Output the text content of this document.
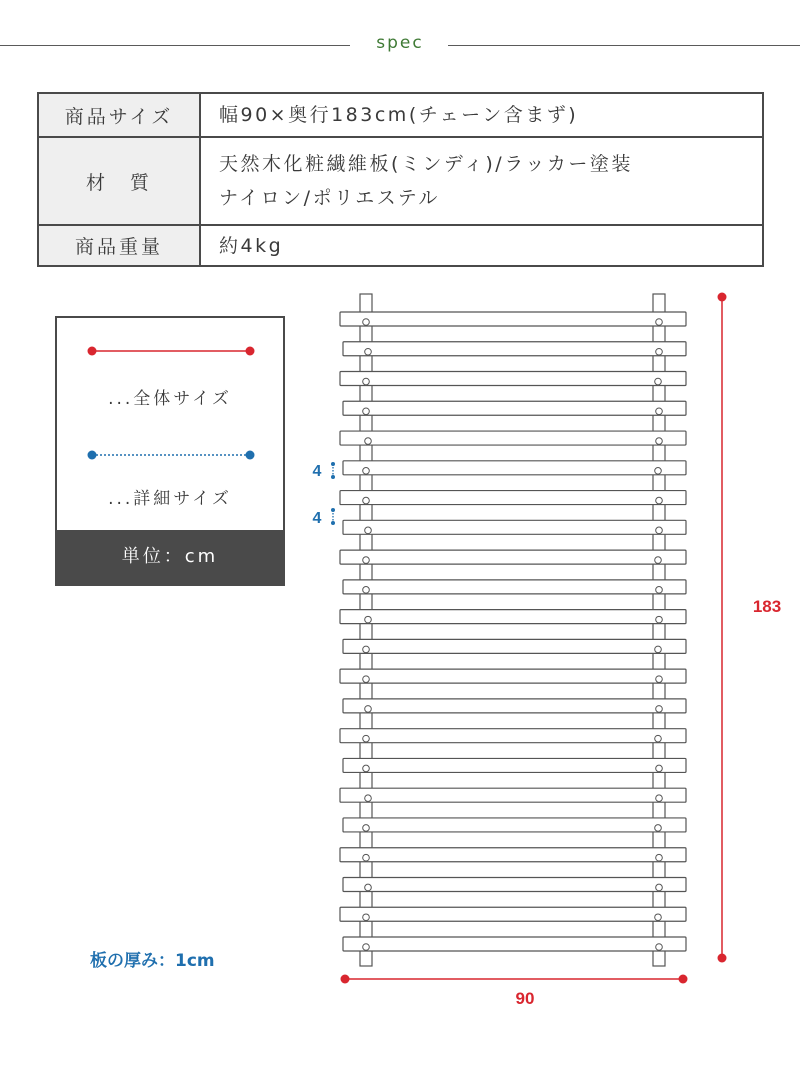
spec
商品サイズ	幅90×奥行183cm(チェーン含まず)
材　質	天然木化粧繊維板(ミンディ)/ラッカー塗装
ナイロン/ポリエステル

商品重量	約4kg
...全体サイズ
...詳細サイズ
単位：cm
183
90
4
4
板の厚み：1cm
